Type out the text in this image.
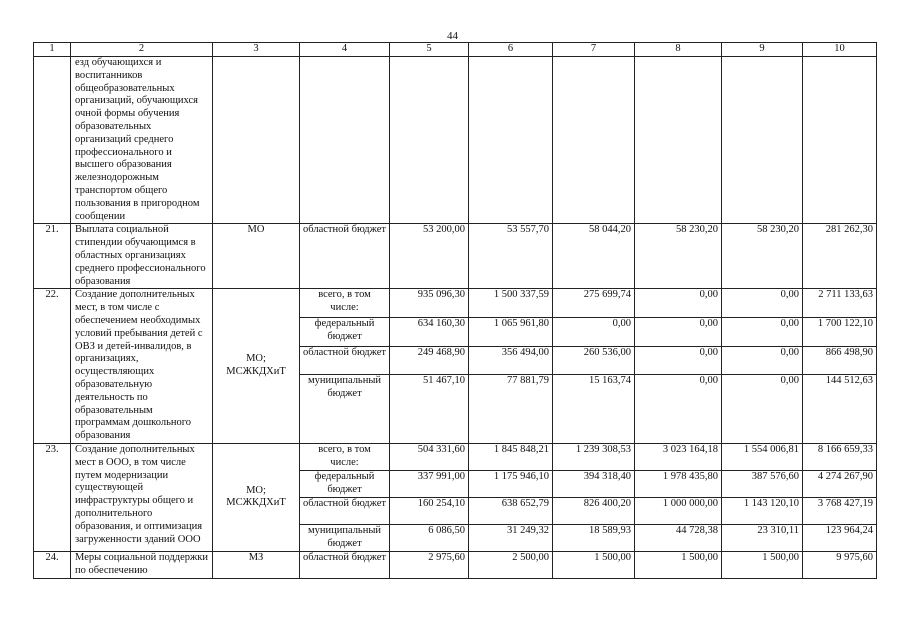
44
1	2	3	4	5	6	7	8	9	10
	езд обучающихся и воспитанников общеобразовательных организаций, обучающихся очной формы обучения образовательных организаций среднего профессионального и высшего образования железнодорожным транспортом общего пользования в пригородном сообщении								
21.	Выплата социальной стипендии обучающимся в областных организациях среднего профессионального образования	МО	областной бюджет	53 200,00	53 557,70	58 044,20	58 230,20	58 230,20	281 262,30
22.	Создание дополнительных мест, в том числе с обеспечением необходимых условий пребывания детей с ОВЗ и детей-инвалидов, в организациях, осуществляющих образовательную деятельность по образовательным программам дошкольного образования	МО; МСЖКДХиТ	всего, в том числе:	935 096,30	1 500 337,59	275 699,74	0,00	0,00	2 711 133,63
			федеральный бюджет	634 160,30	1 065 961,80	0,00	0,00	0,00	1 700 122,10
			областной бюджет	249 468,90	356 494,00	260 536,00	0,00	0,00	866 498,90
			муниципальный бюджет	51 467,10	77 881,79	15 163,74	0,00	0,00	144 512,63
23.	Создание дополнительных мест в ООО, в том числе путем модернизации существующей инфраструктуры общего и дополнительного образования, и оптимизация загруженности зданий ООО	МО; МСЖКДХиТ	всего, в том числе:	504 331,60	1 845 848,21	1 239 308,53	3 023 164,18	1 554 006,81	8 166 659,33
			федеральный бюджет	337 991,00	1 175 946,10	394 318,40	1 978 435,80	387 576,60	4 274 267,90
			областной бюджет	160 254,10	638 652,79	826 400,20	1 000 000,00	1 143 120,10	3 768 427,19
			муниципальный бюджет	6 086,50	31 249,32	18 589,93	44 728,38	23 310,11	123 964,24
24.	Меры социальной поддержки по обеспечению	МЗ	областной бюджет	2 975,60	2 500,00	1 500,00	1 500,00	1 500,00	9 975,60
